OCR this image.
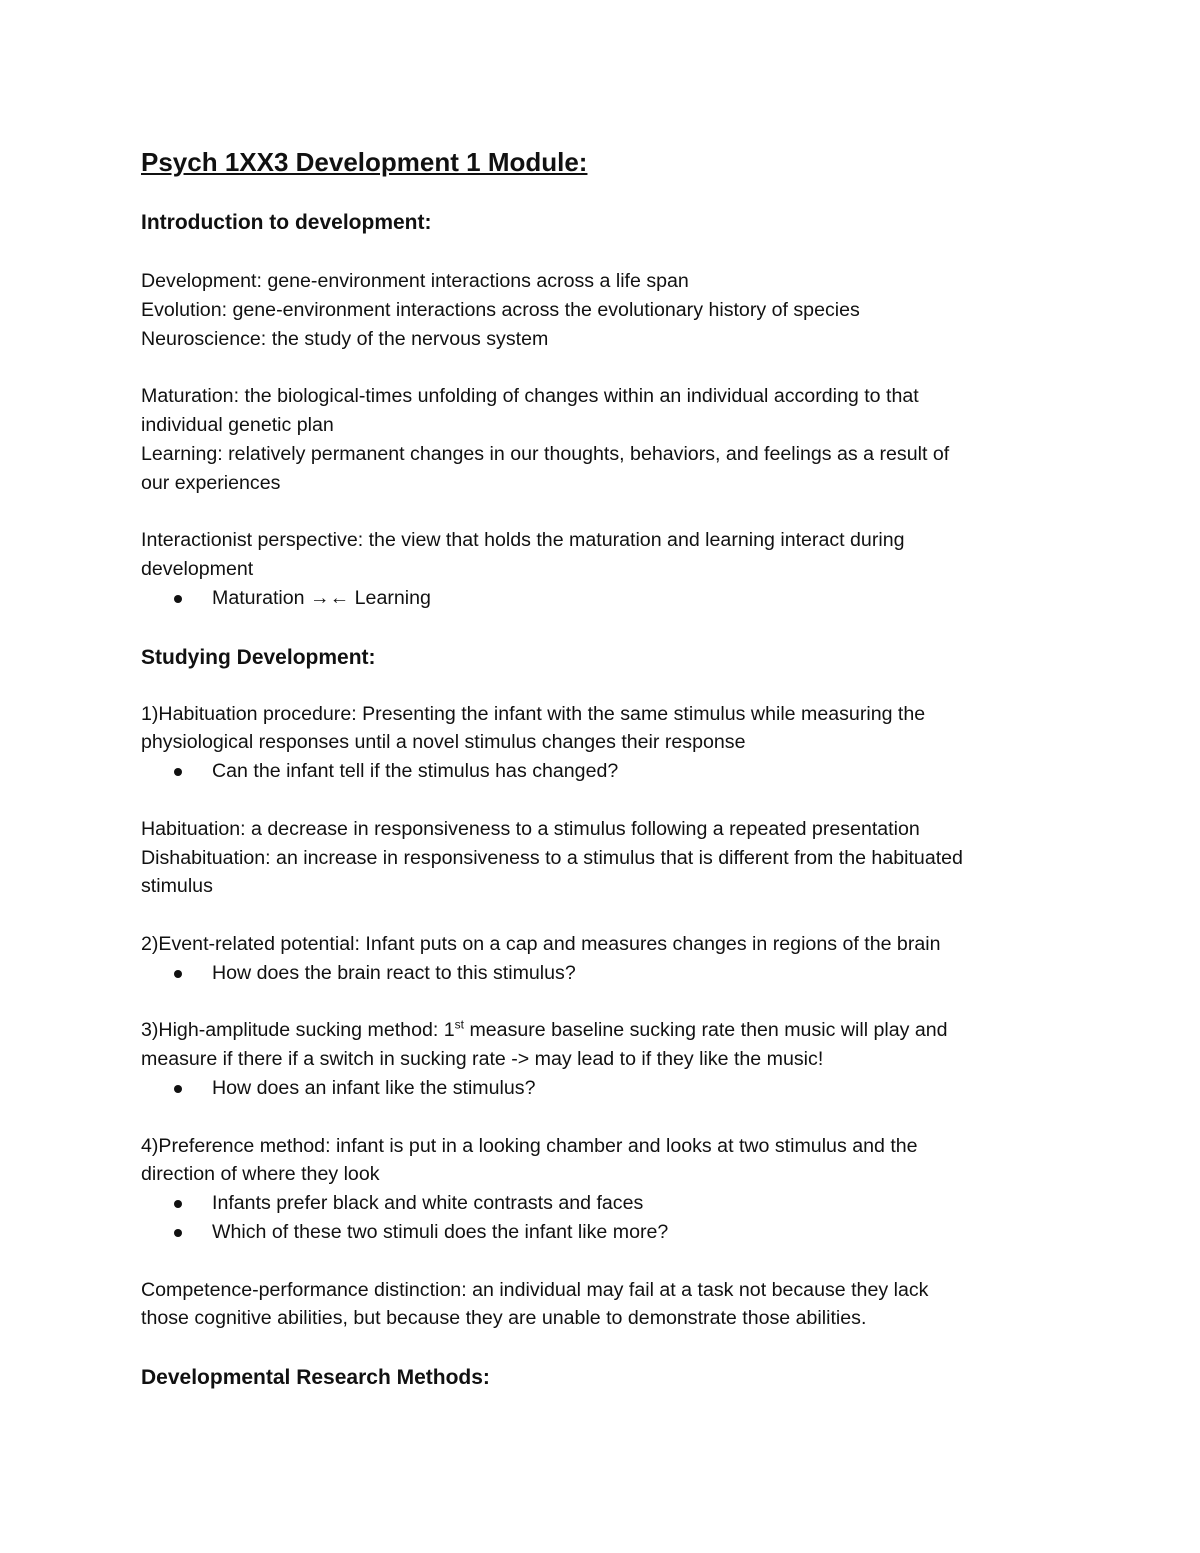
Psych 1XX3 Development 1 Module:

Introduction to development:

Development: gene-environment interactions across a life span

Evolution: gene-environment interactions across the evolutionary history of species

Neuroscience: the study of the nervous system

Maturation: the biological-times unfolding of changes within an individual according to that

individual genetic plan

Learning: relatively permanent changes in our thoughts, behaviors, and feelings as a result of

our experiences

Interactionist perspective: the view that holds the maturation and learning interact during

development

Maturation →← Learning

Studying Development:

1)Habituation procedure: Presenting the infant with the same stimulus while measuring the

physiological responses until a novel stimulus changes their response

Can the infant tell if the stimulus has changed?

Habituation: a decrease in responsiveness to a stimulus following a repeated presentation

Dishabituation: an increase in responsiveness to a stimulus that is different from the habituated

stimulus

2)Event-related potential: Infant puts on a cap and measures changes in regions of the brain

How does the brain react to this stimulus?

3)High-amplitude sucking method: 1st measure baseline sucking rate then music will play and

measure if there if a switch in sucking rate -> may lead to if they like the music!

How does an infant like the stimulus?

4)Preference method: infant is put in a looking chamber and looks at two stimulus and the

direction of where they look

Infants prefer black and white contrasts and faces
Which of these two stimuli does the infant like more?

Competence-performance distinction: an individual may fail at a task not because they lack

those cognitive abilities, but because they are unable to demonstrate those abilities.

Developmental Research Methods:
